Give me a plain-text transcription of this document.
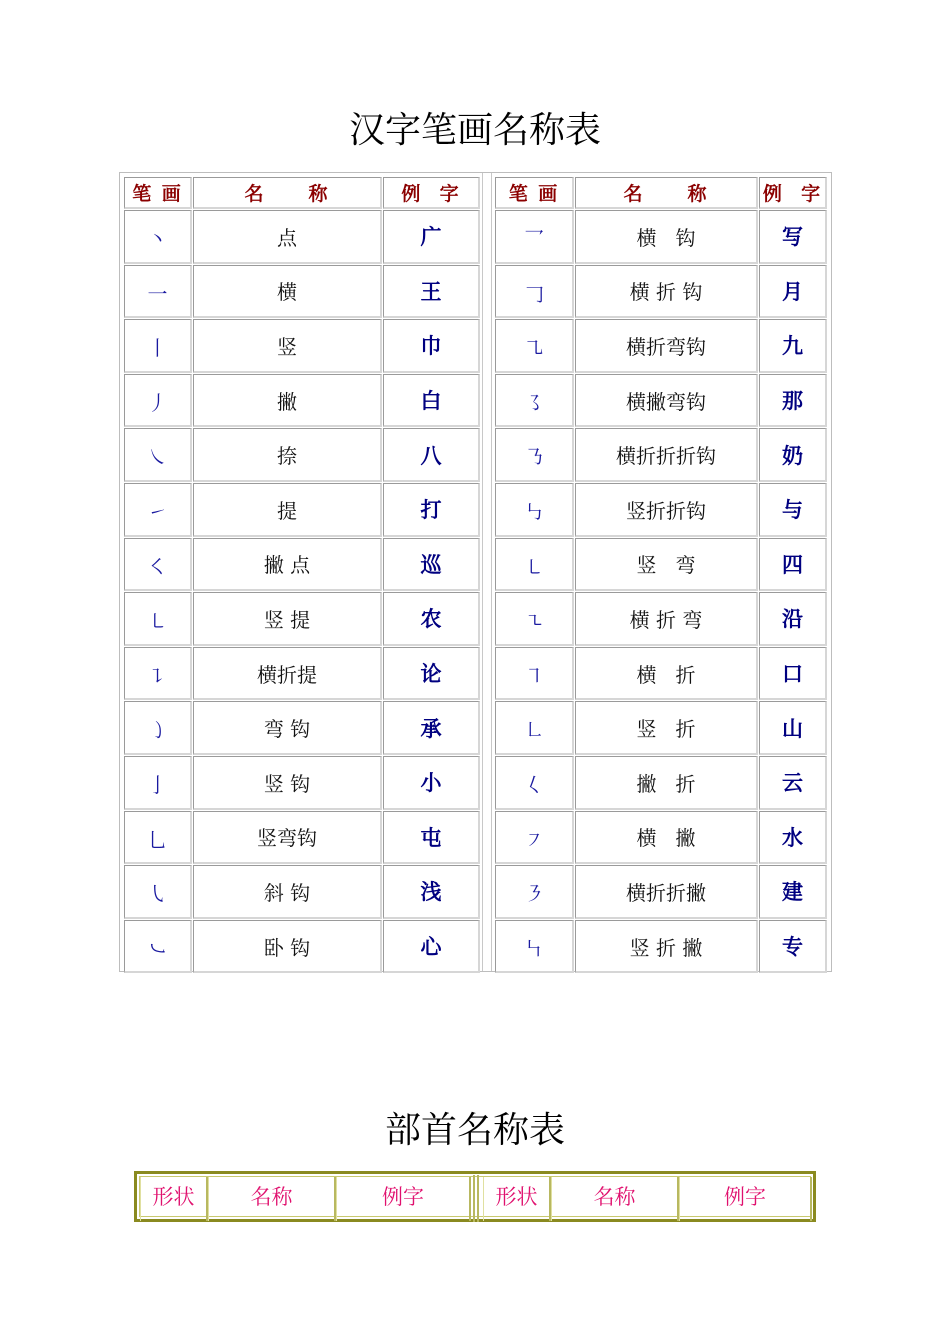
汉字笔画名称表
笔 画	名     称	例  字
丶	点	广
一	横	王
丨	竖	巾
丿	撇	白
㇏	捺	八
㇀	提	打
㇛	撇 点	巡
㇄	竖 提	农
㇊	横折提	论
㇁	弯 钩	承
亅	竖 钩	小
乚	竖弯钩	屯
㇂	斜 钩	浅
㇃	卧 钩	心
笔 画	名     称	例  字
乛	横   钩	写
𠃌	横 折 钩	月
㇈	横折弯钩	九
㇌	横撇弯钩	那
㇡	横折折折钩	奶
㇉	竖折折钩	与
㇄	竖   弯	四
㇍	横 折 弯	沿
㇕	横   折	口
㇗	竖   折	山
𡿨	撇   折	云
㇇	横   撇	水
㇋	横折折撇	建
㇞	竖 折 撇	专
部首名称表
形状	名称	例字	形状	名称	例字
